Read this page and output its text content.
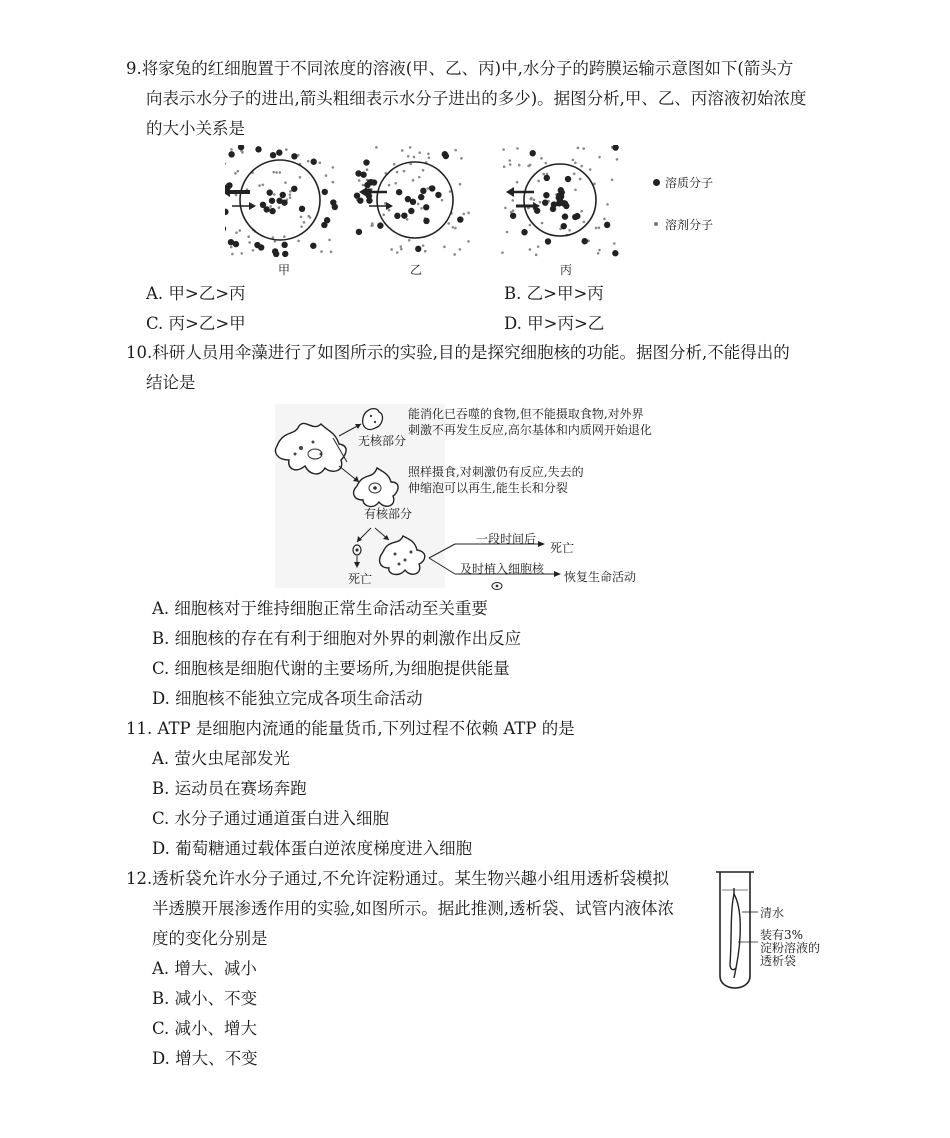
9.将家兔的红细胞置于不同浓度的溶液(甲、乙、丙)中,水分子的跨膜运输示意图如下(箭头方
向表示水分子的进出,箭头粗细表示水分子进出的多少)。据图分析,甲、乙、丙溶液初始浓度
的大小关系是
甲	乙	丙
溶质分子
溶剂分子
A. 甲>乙>丙	B. 乙>甲>丙
C. 丙>乙>甲	D. 甲>丙>乙
10.科研人员用伞藻进行了如图所示的实验,目的是探究细胞核的功能。据图分析,不能得出的
结论是
无核部分
能消化已吞噬的食物,但不能摄取食物,对外界
刺激不再发生反应,高尔基体和内质网开始退化
照样摄食,对刺激仍有反应,失去的
伸缩泡可以再生,能生长和分裂
有核部分
一段时间后
死亡
及时植入细胞核
恢复生命活动
死亡
A. 细胞核对于维持细胞正常生命活动至关重要
B. 细胞核的存在有利于细胞对外界的刺激作出反应
C. 细胞核是细胞代谢的主要场所,为细胞提供能量
D. 细胞核不能独立完成各项生命活动
11. ATP 是细胞内流通的能量货币,下列过程不依赖 ATP 的是
A. 萤火虫尾部发光
B. 运动员在赛场奔跑
C. 水分子通过通道蛋白进入细胞
D. 葡萄糖通过载体蛋白逆浓度梯度进入细胞
12.透析袋允许水分子通过,不允许淀粉通过。某生物兴趣小组用透析袋模拟
半透膜开展渗透作用的实验,如图所示。据此推测,透析袋、试管内液体浓
度的变化分别是
A. 增大、减小
B. 减小、不变
C. 减小、增大
D. 增大、不变
清水
装有3%
淀粉溶液的
透析袋
